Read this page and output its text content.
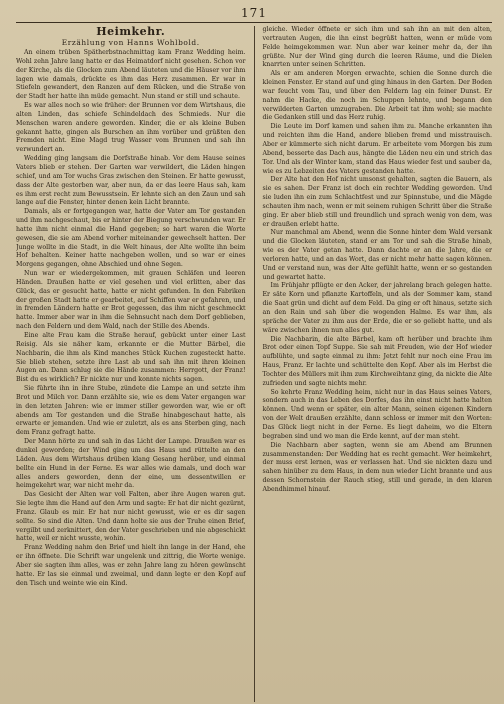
171
Heimkehr.
Erzählung von Hanns Wohlbold.

An einem trüben Spätherbstnachmittag kam Franz Wedding heim. Wohl zehn Jahre lang hatte er das Heimatdorf nicht gesehen. Schon vor der Kirche, als die Glocken zum Abend läuteten und die Häuser vor ihm lagen wie damals, drückte es ihm das Herz zusammen. Er war in Stiefeln gewandert, den Ranzen auf dem Rücken, und die Straße von der Stadt her hatte ihn müde gemacht. Nun stand er still und schaute.

Es war alles noch so wie früher: der Brunnen vor dem Wirtshaus, die alten Linden, das schiefe Schindeldach des Schmieds. Nur die Menschen waren andere geworden. Kinder, die er als kleine Buben gekannt hatte, gingen als Burschen an ihm vorüber und grüßten den Fremden nicht. Eine Magd trug Wasser vom Brunnen und sah ihn verwundert an.

Wedding ging langsam die Dorfstraße hinab. Vor dem Hause seines Vaters blieb er stehen. Der Garten war verwildert, die Läden hingen schief, und am Tor wuchs Gras zwischen den Steinen. Er hatte gewusst, dass der Alte gestorben war, aber nun, da er das leere Haus sah, kam es ihm erst recht zum Bewusstsein. Er lehnte sich an den Zaun und sah lange auf die Fenster, hinter denen kein Licht brannte.

Damals, als er fortgegangen war, hatte der Vater am Tor gestanden und ihm nachgeschaut, bis er hinter der Biegung verschwunden war. Er hatte ihm nicht einmal die Hand gegeben; so hart waren die Worte gewesen, die sie am Abend vorher miteinander gewechselt hatten. Der Junge wollte in die Stadt, in die Welt hinaus, der Alte wollte ihn beim Hof behalten. Keiner hatte nachgeben wollen, und so war er eines Morgens gegangen, ohne Abschied und ohne Segen.

Nun war er wiedergekommen, mit grauen Schläfen und leeren Händen. Draußen hatte er viel gesehen und viel erlitten, aber das Glück, das er gesucht hatte, hatte er nicht gefunden. In den Fabriken der großen Stadt hatte er gearbeitet, auf Schiffen war er gefahren, und in fremden Ländern hatte er Brot gegessen, das ihm nicht geschmeckt hatte. Immer aber war in ihm die Sehnsucht nach dem Dorf geblieben, nach den Feldern und dem Wald, nach der Stille des Abends.

Eine alte Frau kam die Straße herauf, gebückt unter einer Last Reisig. Als sie näher kam, erkannte er die Mutter Bärbel, die Nachbarin, die ihm als Kind manches Stück Kuchen zugesteckt hatte. Sie blieb stehen, setzte ihre Last ab und sah ihn mit ihren kleinen Augen an. Dann schlug sie die Hände zusammen: Herrgott, der Franz! Bist du es wirklich? Er nickte nur und konnte nichts sagen.

Sie führte ihn in ihre Stube, zündete die Lampe an und setzte ihm Brot und Milch vor. Dann erzählte sie, wie es dem Vater ergangen war in den letzten Jahren: wie er immer stiller geworden war, wie er oft abends am Tor gestanden und die Straße hinabgeschaut hatte, als erwarte er jemanden. Und wie er zuletzt, als es ans Sterben ging, nach dem Franz gefragt hatte.

Der Mann hörte zu und sah in das Licht der Lampe. Draußen war es dunkel geworden; der Wind ging um das Haus und rüttelte an den Läden. Aus dem Wirtshaus drüben klang Gesang herüber, und einmal bellte ein Hund in der Ferne. Es war alles wie damals, und doch war alles anders geworden, denn der eine, um dessentwillen er heimgekehrt war, war nicht mehr da.

Das Gesicht der Alten war voll Falten, aber ihre Augen waren gut. Sie legte ihm die Hand auf den Arm und sagte: Er hat dir nicht gezürnt, Franz. Glaub es mir. Er hat nur nicht gewusst, wie er es dir sagen sollte. So sind die Alten. Und dann holte sie aus der Truhe einen Brief, vergilbt und zerknittert, den der Vater geschrieben und nie abgeschickt hatte, weil er nicht wusste, wohin.

Franz Wedding nahm den Brief und hielt ihn lange in der Hand, ehe er ihn öffnete. Die Schrift war ungelenk und zittrig, die Worte wenige. Aber sie sagten ihm alles, was er zehn Jahre lang zu hören gewünscht hatte. Er las sie einmal und zweimal, und dann legte er den Kopf auf den Tisch und weinte wie ein Kind.

gleiche. Wieder öffnete er sich ihm und sah ihn an mit den alten, vertrauten Augen, die ihn einst begrüßt hatten, wenn er müde vom Felde heimgekommen war. Nun aber war keiner mehr da, der ihn grüßte. Nur der Wind ging durch die leeren Räume, und die Dielen knarrten unter seinen Schritten.

Als er am anderen Morgen erwachte, schien die Sonne durch die kleinen Fenster. Er stand auf und ging hinaus in den Garten. Der Boden war feucht vom Tau, und über den Feldern lag ein feiner Dunst. Er nahm die Hacke, die noch im Schuppen lehnte, und begann den verwilderten Garten umzugraben. Die Arbeit tat ihm wohl; sie machte die Gedanken still und das Herz ruhig.

Die Leute im Dorf kamen und sahen ihm zu. Manche erkannten ihn und reichten ihm die Hand, andere blieben fremd und misstrauisch. Aber er kümmerte sich nicht darum. Er arbeitete vom Morgen bis zum Abend, besserte das Dach aus, hängte die Läden neu ein und strich das Tor. Und als der Winter kam, stand das Haus wieder fest und sauber da, wie es zu Lebzeiten des Vaters gestanden hatte.

Der Alte hat den Hof nicht umsonst gehalten, sagten die Bauern, als sie es sahen. Der Franz ist doch ein rechter Wedding geworden. Und sie luden ihn ein zum Schlachtfest und zur Spinnstube, und die Mägde schauten ihm nach, wenn er mit seinem ruhigen Schritt über die Straße ging. Er aber blieb still und freundlich und sprach wenig von dem, was er draußen erlebt hatte.

Nur manchmal am Abend, wenn die Sonne hinter dem Wald versank und die Glocken läuteten, stand er am Tor und sah die Straße hinab, wie es der Vater getan hatte. Dann dachte er an die Jahre, die er verloren hatte, und an das Wort, das er nicht mehr hatte sagen können. Und er verstand nun, was der Alte gefühlt hatte, wenn er so gestanden und gewartet hatte.

Im Frühjahr pflügte er den Acker, der jahrelang brach gelegen hatte. Er säte Korn und pflanzte Kartoffeln, und als der Sommer kam, stand die Saat grün und dicht auf dem Feld. Da ging er oft hinaus, setzte sich an den Rain und sah über die wogenden Halme. Es war ihm, als spräche der Vater zu ihm aus der Erde, die er so geliebt hatte, und als wäre zwischen ihnen nun alles gut.

Die Nachbarin, die alte Bärbel, kam oft herüber und brachte ihm Brot oder einen Topf Suppe. Sie sah mit Freuden, wie der Hof wieder aufblühte, und sagte einmal zu ihm: Jetzt fehlt nur noch eine Frau im Haus, Franz. Er lachte und schüttelte den Kopf. Aber als im Herbst die Tochter des Müllers mit ihm zum Kirchweihtanz ging, da nickte die Alte zufrieden und sagte nichts mehr.

So kehrte Franz Wedding heim, nicht nur in das Haus seines Vaters, sondern auch in das Leben des Dorfes, das ihn einst nicht hatte halten können. Und wenn er später, ein alter Mann, seinen eigenen Kindern von der Welt draußen erzählte, dann schloss er immer mit den Worten: Das Glück liegt nicht in der Ferne. Es liegt daheim, wo die Eltern begraben sind und wo man die Erde kennt, auf der man steht.

Die Nachbarn aber sagten, wenn sie am Abend am Brunnen zusammenstanden: Der Wedding hat es recht gemacht. Wer heimkehrt, der muss erst lernen, was er verlassen hat. Und sie nickten dazu und sahen hinüber zu dem Haus, in dem nun wieder Licht brannte und aus dessen Schornstein der Rauch stieg, still und gerade, in den klaren Abendhimmel hinauf.
